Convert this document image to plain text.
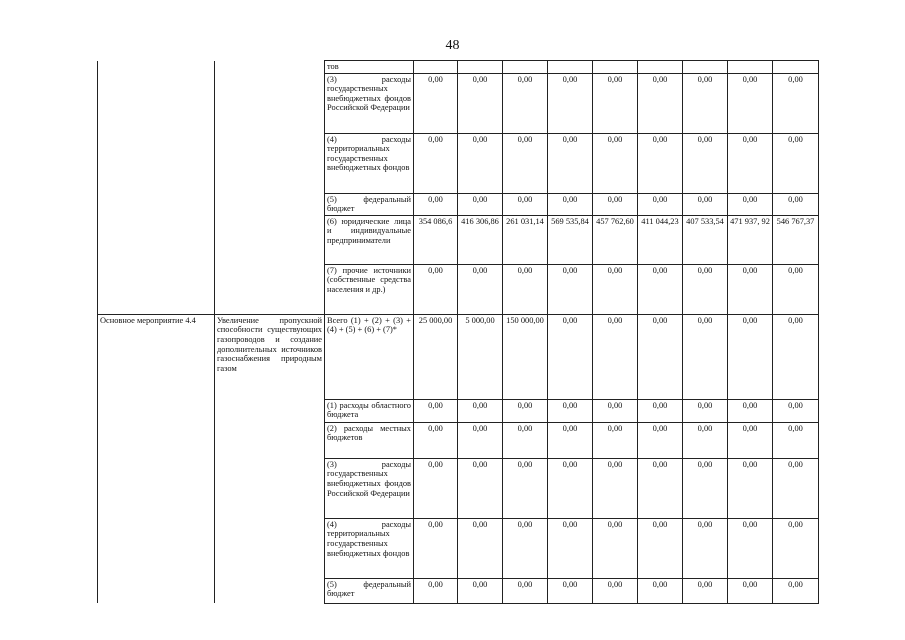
48
		тов									
		(3) расходы государственных внебюджетных фондов Российской Федерации	0,00	0,00	0,00	0,00	0,00	0,00	0,00	0,00	0,00
		(4) расходы территориальных государственных внебюджетных фондов	0,00	0,00	0,00	0,00	0,00	0,00	0,00	0,00	0,00
		(5) федеральный бюджет	0,00	0,00	0,00	0,00	0,00	0,00	0,00	0,00	0,00
		(6) юридические лица и индивидуальные предприниматели	354 086,6	416 306,86	261 031,14	569 535,84	457 762,60	411 044,23	407 533,54	471 937, 92	546 767,37
		(7) прочие источники (собственные средства населения и др.)	0,00	0,00	0,00	0,00	0,00	0,00	0,00	0,00	0,00
Основное мероприятие 4.4	Увеличение пропускной способности существующих газопроводов и создание дополнительных источников газоснабжения природным газом	Всего (1) + (2) + (3) + (4) + (5) + (6) + (7)*	25 000,00	5 000,00	150 000,00	0,00	0,00	0,00	0,00	0,00	0,00
		(1) расходы областного бюджета	0,00	0,00	0,00	0,00	0,00	0,00	0,00	0,00	0,00
		(2) расходы местных бюджетов	0,00	0,00	0,00	0,00	0,00	0,00	0,00	0,00	0,00
		(3) расходы государственных внебюджетных фондов Российской Федерации	0,00	0,00	0,00	0,00	0,00	0,00	0,00	0,00	0,00
		(4) расходы территориальных государственных внебюджетных фондов	0,00	0,00	0,00	0,00	0,00	0,00	0,00	0,00	0,00
		(5) федеральный бюджет	0,00	0,00	0,00	0,00	0,00	0,00	0,00	0,00	0,00
